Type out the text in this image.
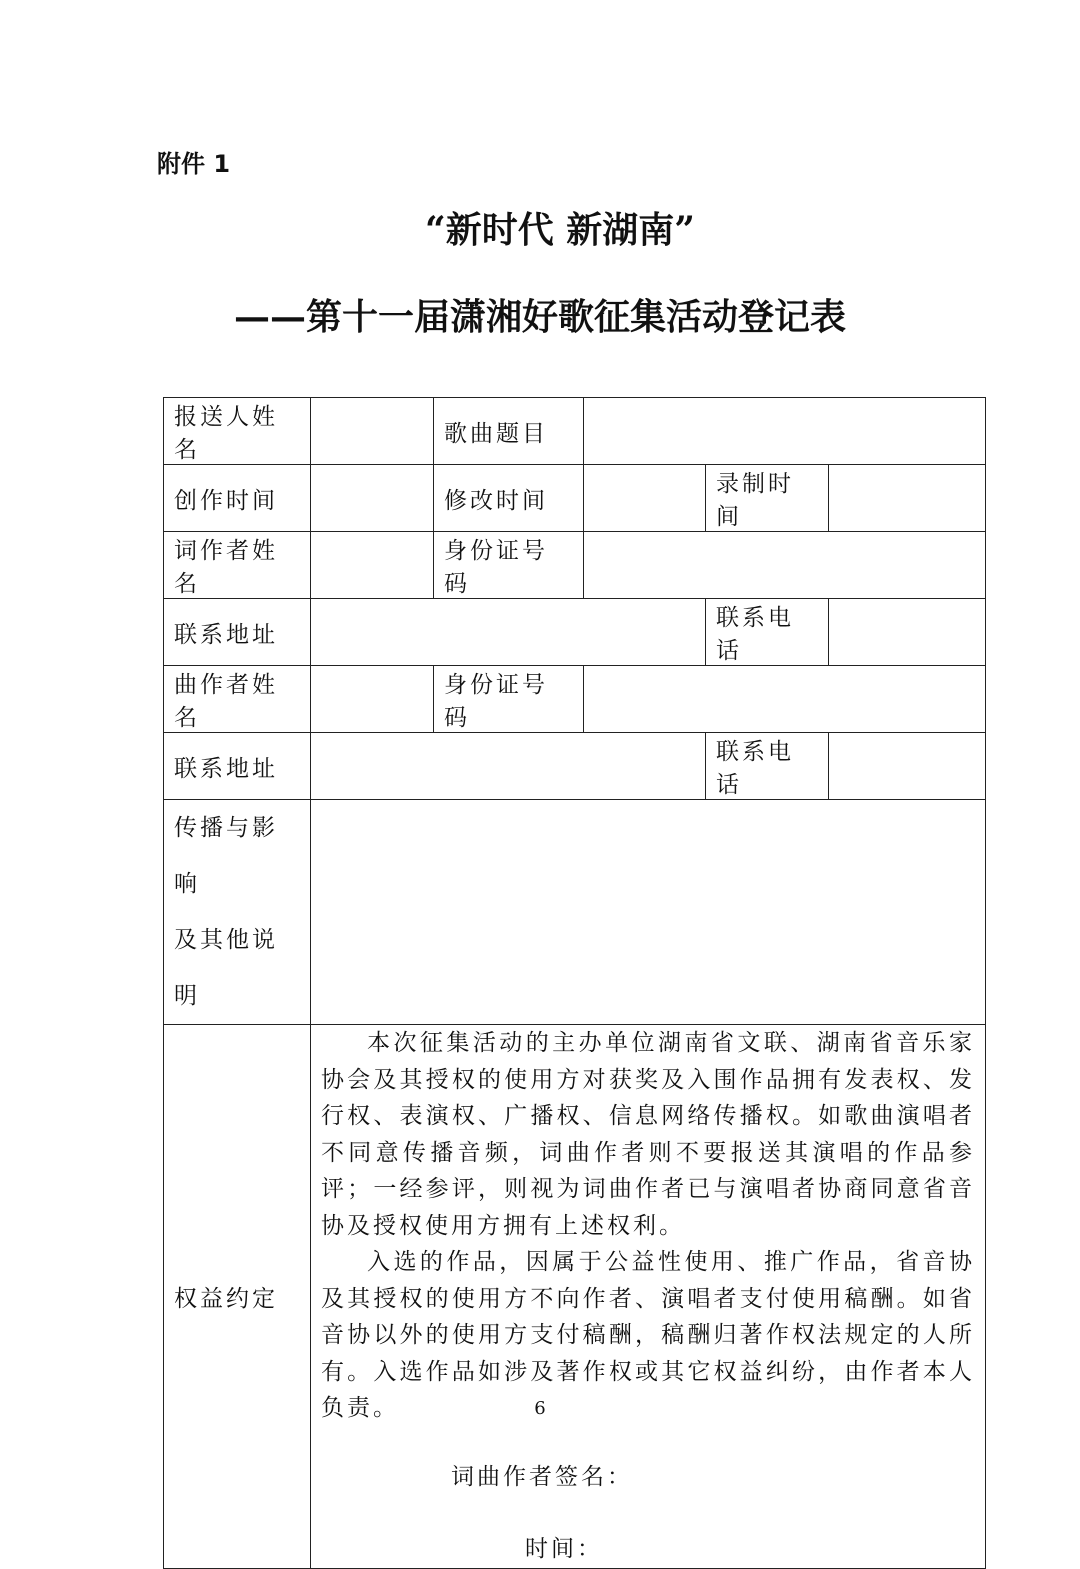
附件 1
“新时代 新湖南”
——第十一届潇湘好歌征集活动登记表
报送人姓名		歌曲题目			
创作时间		修改时间		录制时间	
词作者姓名		身份证号码			
联系地址				联系电话	
曲作者姓名		身份证号码			
联系地址				联系电话	

传播与影响
及其他说明					

权益约定	本次征集活动的主办单位湖南省文联、湖南省音乐家协会及其授权的使用方对获奖及入围作品拥有发表权、发行权、表演权、广播权、信息网络传播权。如歌曲演唱者不同意传播音频，词曲作者则不要报送其演唱的作品参评；一经参评，则视为词曲作者已与演唱者协商同意省音协及授权使用方拥有上述权利。

入选的作品，因属于公益性使用、推广作品，省音协及其授权的使用方不向作者、演唱者支付使用稿酬。如省音协以外的使用方支付稿酬，稿酬归著作权法规定的人所有。入选作品如涉及著作权或其它权益纠纷，由作者本人负责。

词曲作者签名：
时间：				
6
